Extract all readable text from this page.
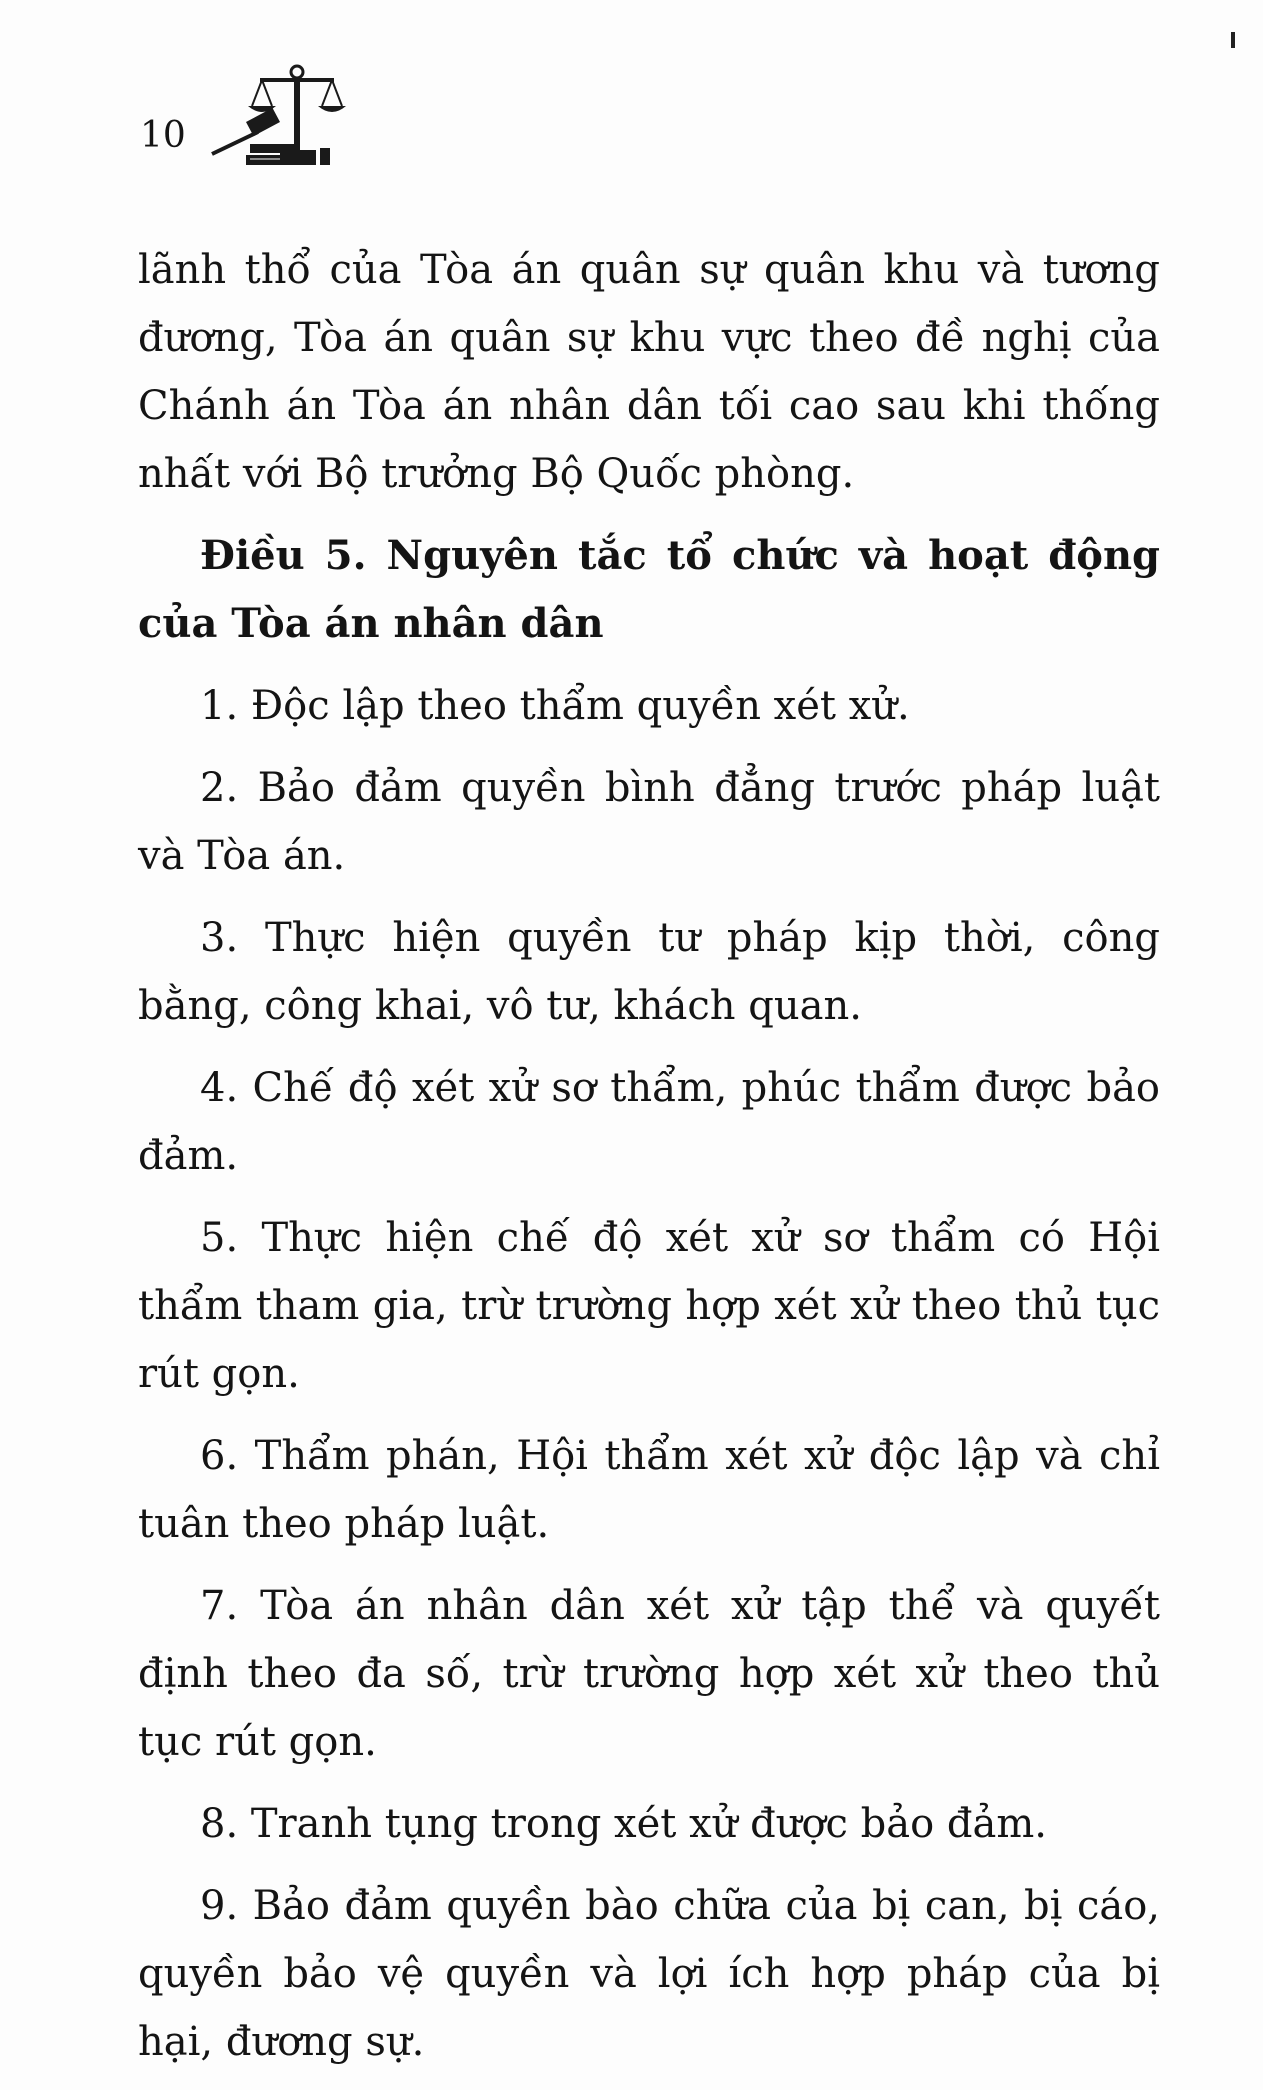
10

lãnh thổ của Tòa án quân sự quân khu và tương đương, Tòa án quân sự khu vực theo đề nghị của Chánh án Tòa án nhân dân tối cao sau khi thống nhất với Bộ trưởng Bộ Quốc phòng.

Điều 5. Nguyên tắc tổ chức và hoạt động của Tòa án nhân dân

1. Độc lập theo thẩm quyền xét xử.

2. Bảo đảm quyền bình đẳng trước pháp luật và Tòa án.

3. Thực hiện quyền tư pháp kịp thời, công bằng, công khai, vô tư, khách quan.

4. Chế độ xét xử sơ thẩm, phúc thẩm được bảo đảm.

5. Thực hiện chế độ xét xử sơ thẩm có Hội thẩm tham gia, trừ trường hợp xét xử theo thủ tục rút gọn.

6. Thẩm phán, Hội thẩm xét xử độc lập và chỉ tuân theo pháp luật.

7. Tòa án nhân dân xét xử tập thể và quyết định theo đa số, trừ trường hợp xét xử theo thủ tục rút gọn.

8. Tranh tụng trong xét xử được bảo đảm.

9. Bảo đảm quyền bào chữa của bị can, bị cáo, quyền bảo vệ quyền và lợi ích hợp pháp của bị hại, đương sự.
